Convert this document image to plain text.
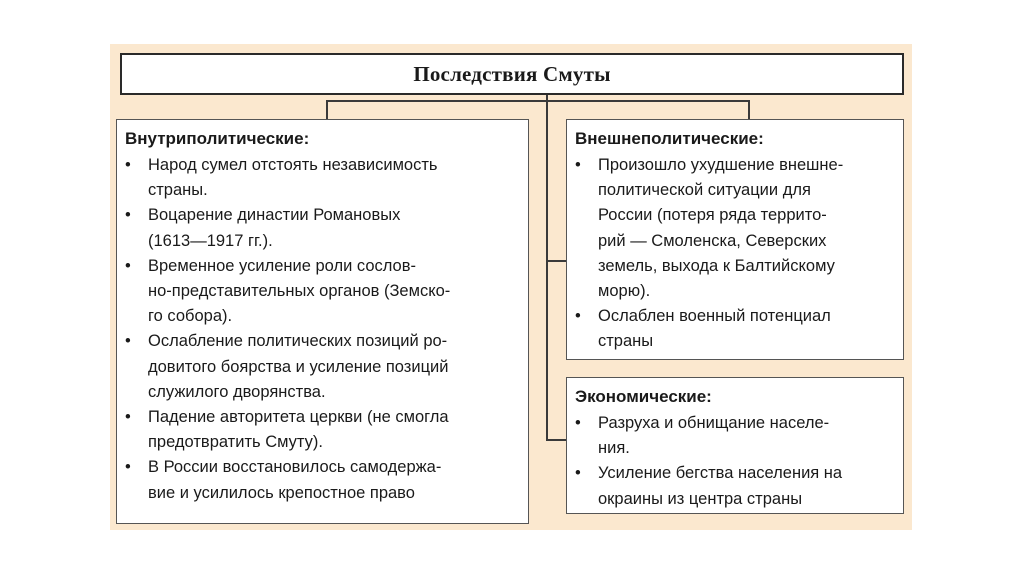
Последствия Смуты
Внутриполитические:
• Народ сумел отстоять независимость
страны.
• Воцарение династии Романовых
(1613—1917 гг.).
• Временное усиление роли сослов-
но-представительных органов (Земско-
го собора).
• Ослабление политических позиций ро-
довитого боярства и усиление позиций
служилого дворянства.
• Падение авторитета церкви (не смогла
предотвратить Смуту).
• В России восстановилось самодержа-
вие и усилилось крепостное право
Внешнеполитические:
• Произошло ухудшение внешне-
политической ситуации для
России (потеря ряда террито-
рий — Смоленска, Северских
земель, выхода к Балтийскому
морю).
• Ослаблен военный потенциал
страны
Экономические:
• Разруха и обнищание населе-
ния.
• Усиление бегства населения на
окраины из центра страны
